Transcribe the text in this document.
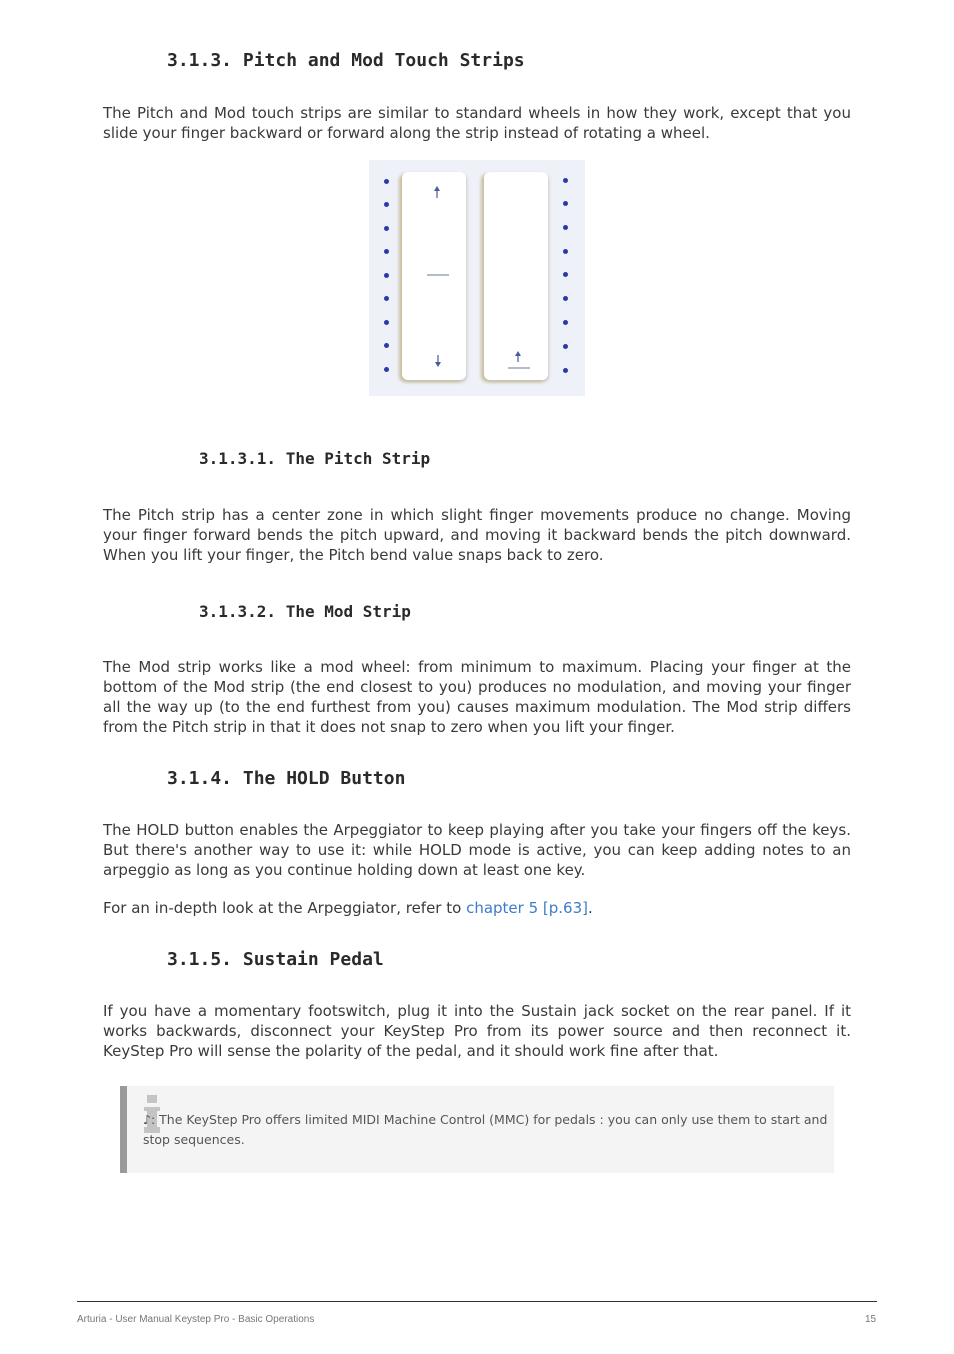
3.1.3. Pitch and Mod Touch Strips
The Pitch and Mod touch strips are similar to standard wheels in how they work, except that you slide your finger backward or forward along the strip instead of rotating a wheel.
3.1.3.1. The Pitch Strip
The Pitch strip has a center zone in which slight finger movements produce no change. Moving your finger forward bends the pitch upward, and moving it backward bends the pitch downward. When you lift your finger, the Pitch bend value snaps back to zero.
3.1.3.2. The Mod Strip
The Mod strip works like a mod wheel: from minimum to maximum. Placing your finger at the bottom of the Mod strip (the end closest to you) produces no modulation, and moving your finger all the way up (to the end furthest from you) causes maximum modulation. The Mod strip differs from the Pitch strip in that it does not snap to zero when you lift your finger.
3.1.4. The HOLD Button
The HOLD button enables the Arpeggiator to keep playing after you take your fingers off the keys. But there's another way to use it: while HOLD mode is active, you can keep adding notes to an arpeggio as long as you continue holding down at least one key.
For an in-depth look at the Arpeggiator, refer to chapter 5 [p.63].
3.1.5. Sustain Pedal
If you have a momentary footswitch, plug it into the Sustain jack socket on the rear panel. If it works backwards, disconnect your KeyStep Pro from its power source and then reconnect it. KeyStep Pro will sense the polarity of the pedal, and it should work fine after that.
♪: The KeyStep Pro offers limited MIDI Machine Control (MMC) for pedals : you can only use them to start and stop sequences.
Arturia - User Manual Keystep Pro - Basic Operations	15
